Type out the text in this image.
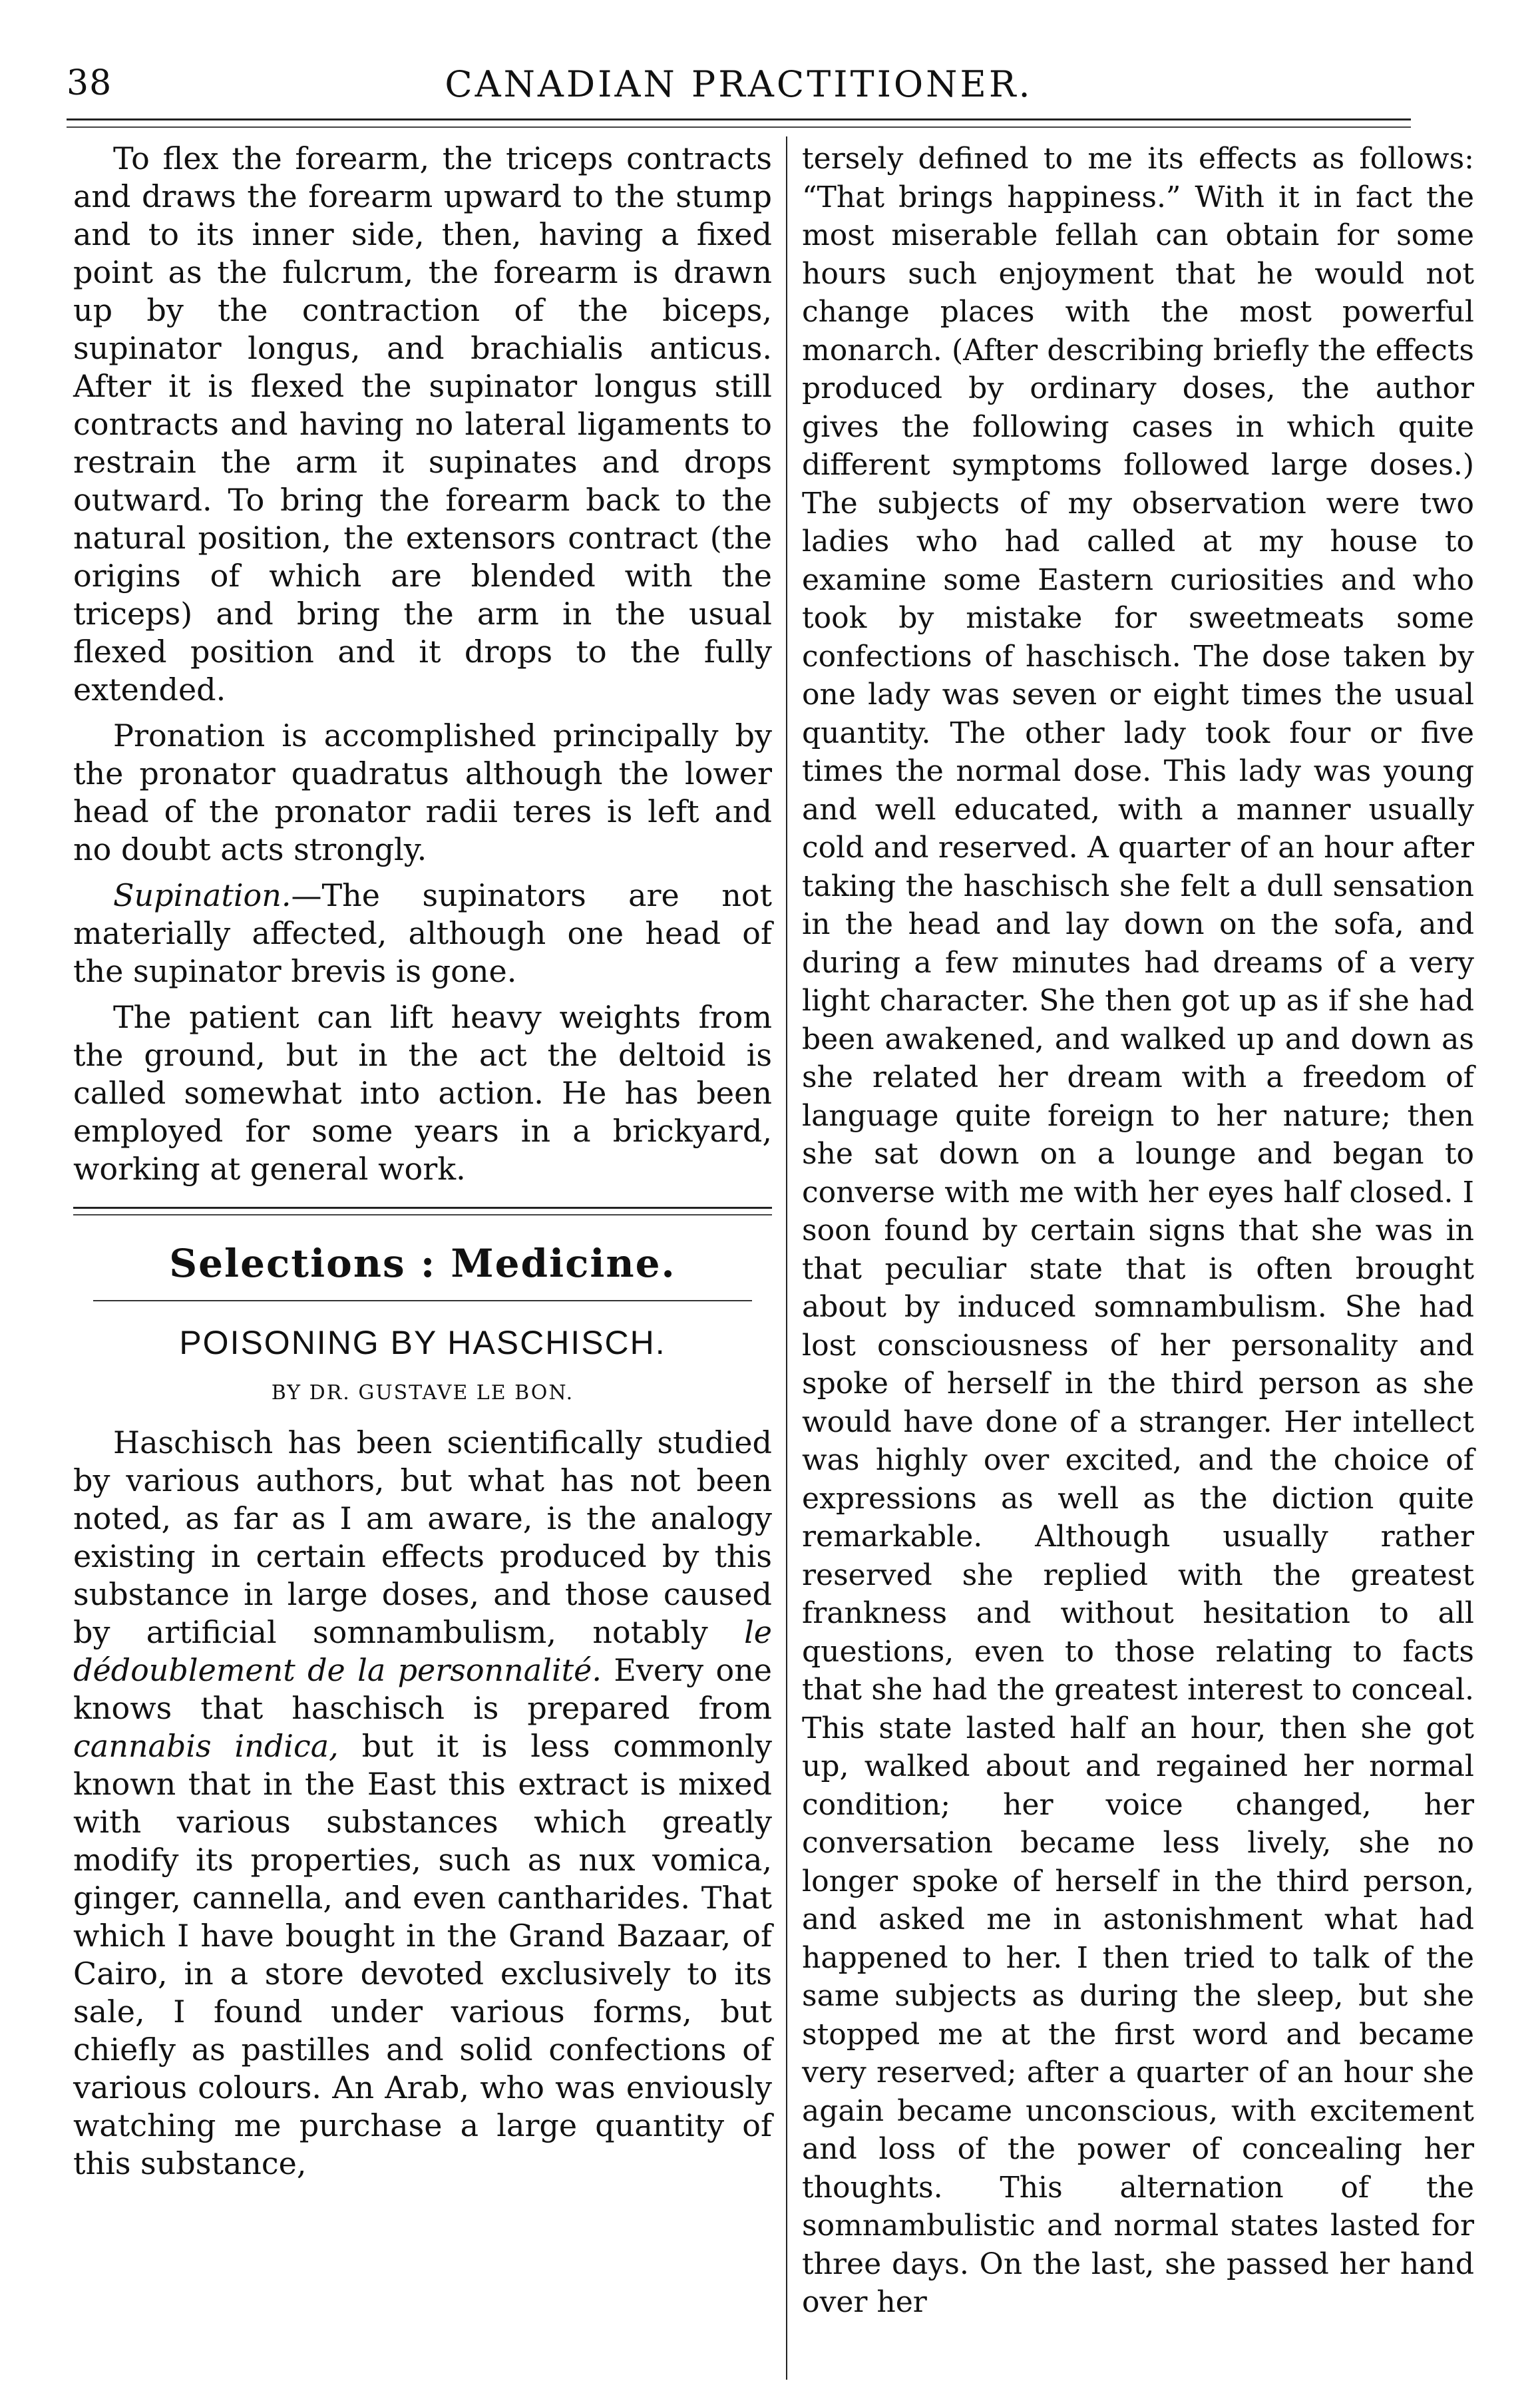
38	CANADIAN PRACTITIONER.

To flex the forearm, the triceps contracts and draws the forearm upward to the stump and to its inner side, then, having a fixed point as the fulcrum, the forearm is drawn up by the contraction of the biceps, supinator longus, and brachialis anticus. After it is flexed the supinator longus still contracts and having no lateral ligaments to restrain the arm it supinates and drops outward. To bring the forearm back to the natural position, the extensors contract (the origins of which are blended with the triceps) and bring the arm in the usual flexed position and it drops to the fully extended.

Pronation is accomplished principally by the pronator quadratus although the lower head of the pronator radii teres is left and no doubt acts strongly.

Supination.—The supinators are not materially affected, although one head of the supinator brevis is gone.

The patient can lift heavy weights from the ground, but in the act the deltoid is called somewhat into action. He has been employed for some years in a brickyard, working at general work.

Selections : Medicine.
POISONING BY HASCHISCH.
BY DR. GUSTAVE LE BON.

Haschisch has been scientifically studied by various authors, but what has not been noted, as far as I am aware, is the analogy existing in certain effects produced by this substance in large doses, and those caused by artificial somnambulism, notably le dédoublement de la personnalité. Every one knows that haschisch is prepared from cannabis indica, but it is less commonly known that in the East this extract is mixed with various substances which greatly modify its properties, such as nux vomica, ginger, cannella, and even cantharides. That which I have bought in the Grand Bazaar, of Cairo, in a store devoted exclusively to its sale, I found under various forms, but chiefly as pastilles and solid confections of various colours. An Arab, who was enviously watching me purchase a large quantity of this substance,

tersely defined to me its effects as follows: “That brings happiness.” With it in fact the most miserable fellah can obtain for some hours such enjoyment that he would not change places with the most powerful monarch. (After describing briefly the effects produced by ordinary doses, the author gives the following cases in which quite different symptoms followed large doses.) The subjects of my observation were two ladies who had called at my house to examine some Eastern curiosities and who took by mistake for sweetmeats some confections of haschisch. The dose taken by one lady was seven or eight times the usual quantity. The other lady took four or five times the normal dose. This lady was young and well educated, with a manner usually cold and reserved. A quarter of an hour after taking the haschisch she felt a dull sensation in the head and lay down on the sofa, and during a few minutes had dreams of a very light character. She then got up as if she had been awakened, and walked up and down as she related her dream with a freedom of language quite foreign to her nature; then she sat down on a lounge and began to converse with me with her eyes half closed. I soon found by certain signs that she was in that peculiar state that is often brought about by induced somnambulism. She had lost consciousness of her personality and spoke of herself in the third person as she would have done of a stranger. Her intellect was highly over excited, and the choice of expressions as well as the diction quite remarkable. Although usually rather reserved she replied with the greatest frankness and without hesitation to all questions, even to those relating to facts that she had the greatest interest to conceal. This state lasted half an hour, then she got up, walked about and regained her normal condition; her voice changed, her conversation became less lively, she no longer spoke of herself in the third person, and asked me in astonishment what had happened to her. I then tried to talk of the same subjects as during the sleep, but she stopped me at the first word and became very reserved; after a quarter of an hour she again became unconscious, with excitement and loss of the power of concealing her thoughts. This alternation of the somnambulistic and normal states lasted for three days. On the last, she passed her hand over her
